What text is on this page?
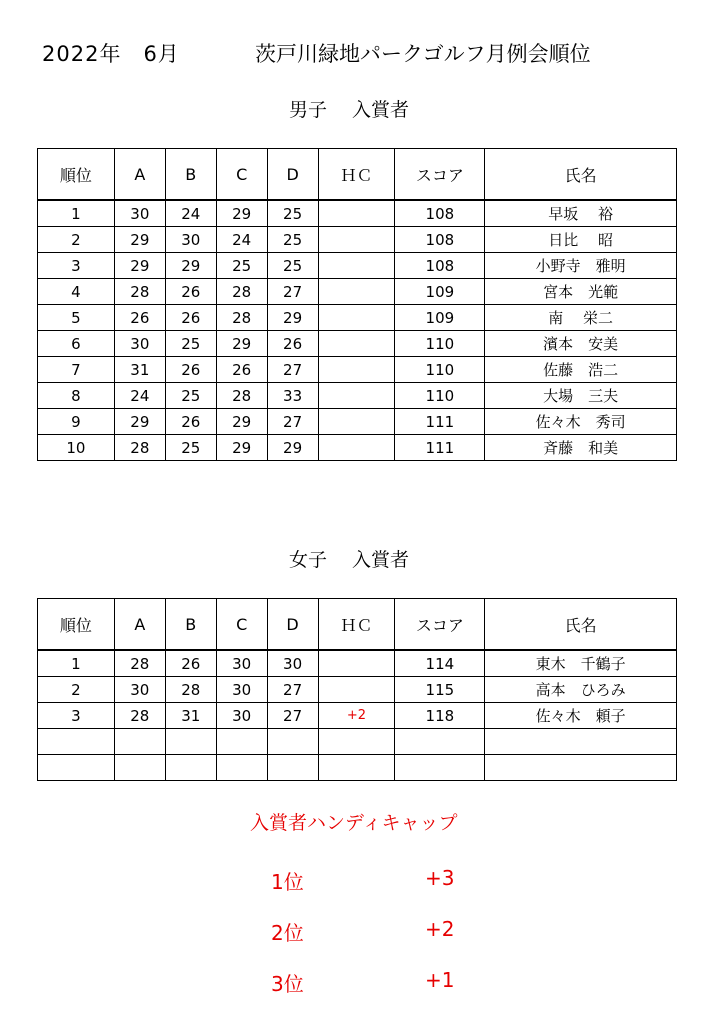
2022年　6月	茨戸川緑地パークゴルフ月例会順位
男子　 入賞者
順位	A	B	C	D	ＨＣ	スコア	氏名
1	30	24	29	25		108	早坂　 裕
2	29	30	24	25		108	日比　 昭
3	29	29	25	25		108	小野寺　雅明
4	28	26	28	27		109	宮本　光範
5	26	26	28	29		109	南　 栄二
6	30	25	29	26		110	濱本　安美
7	31	26	26	27		110	佐藤　浩二
8	24	25	28	33		110	大場　三夫
9	29	26	29	27		111	佐々木　秀司
10	28	25	29	29		111	斉藤　和美
女子　 入賞者
順位	A	B	C	D	ＨＣ	スコア	氏名
1	28	26	30	30		114	東木　千鶴子
2	30	28	30	27		115	高本　ひろみ
3	28	31	30	27	+2	118	佐々木　頼子

入賞者ハンディキャップ
1位	+3
2位	+2
3位	+1
